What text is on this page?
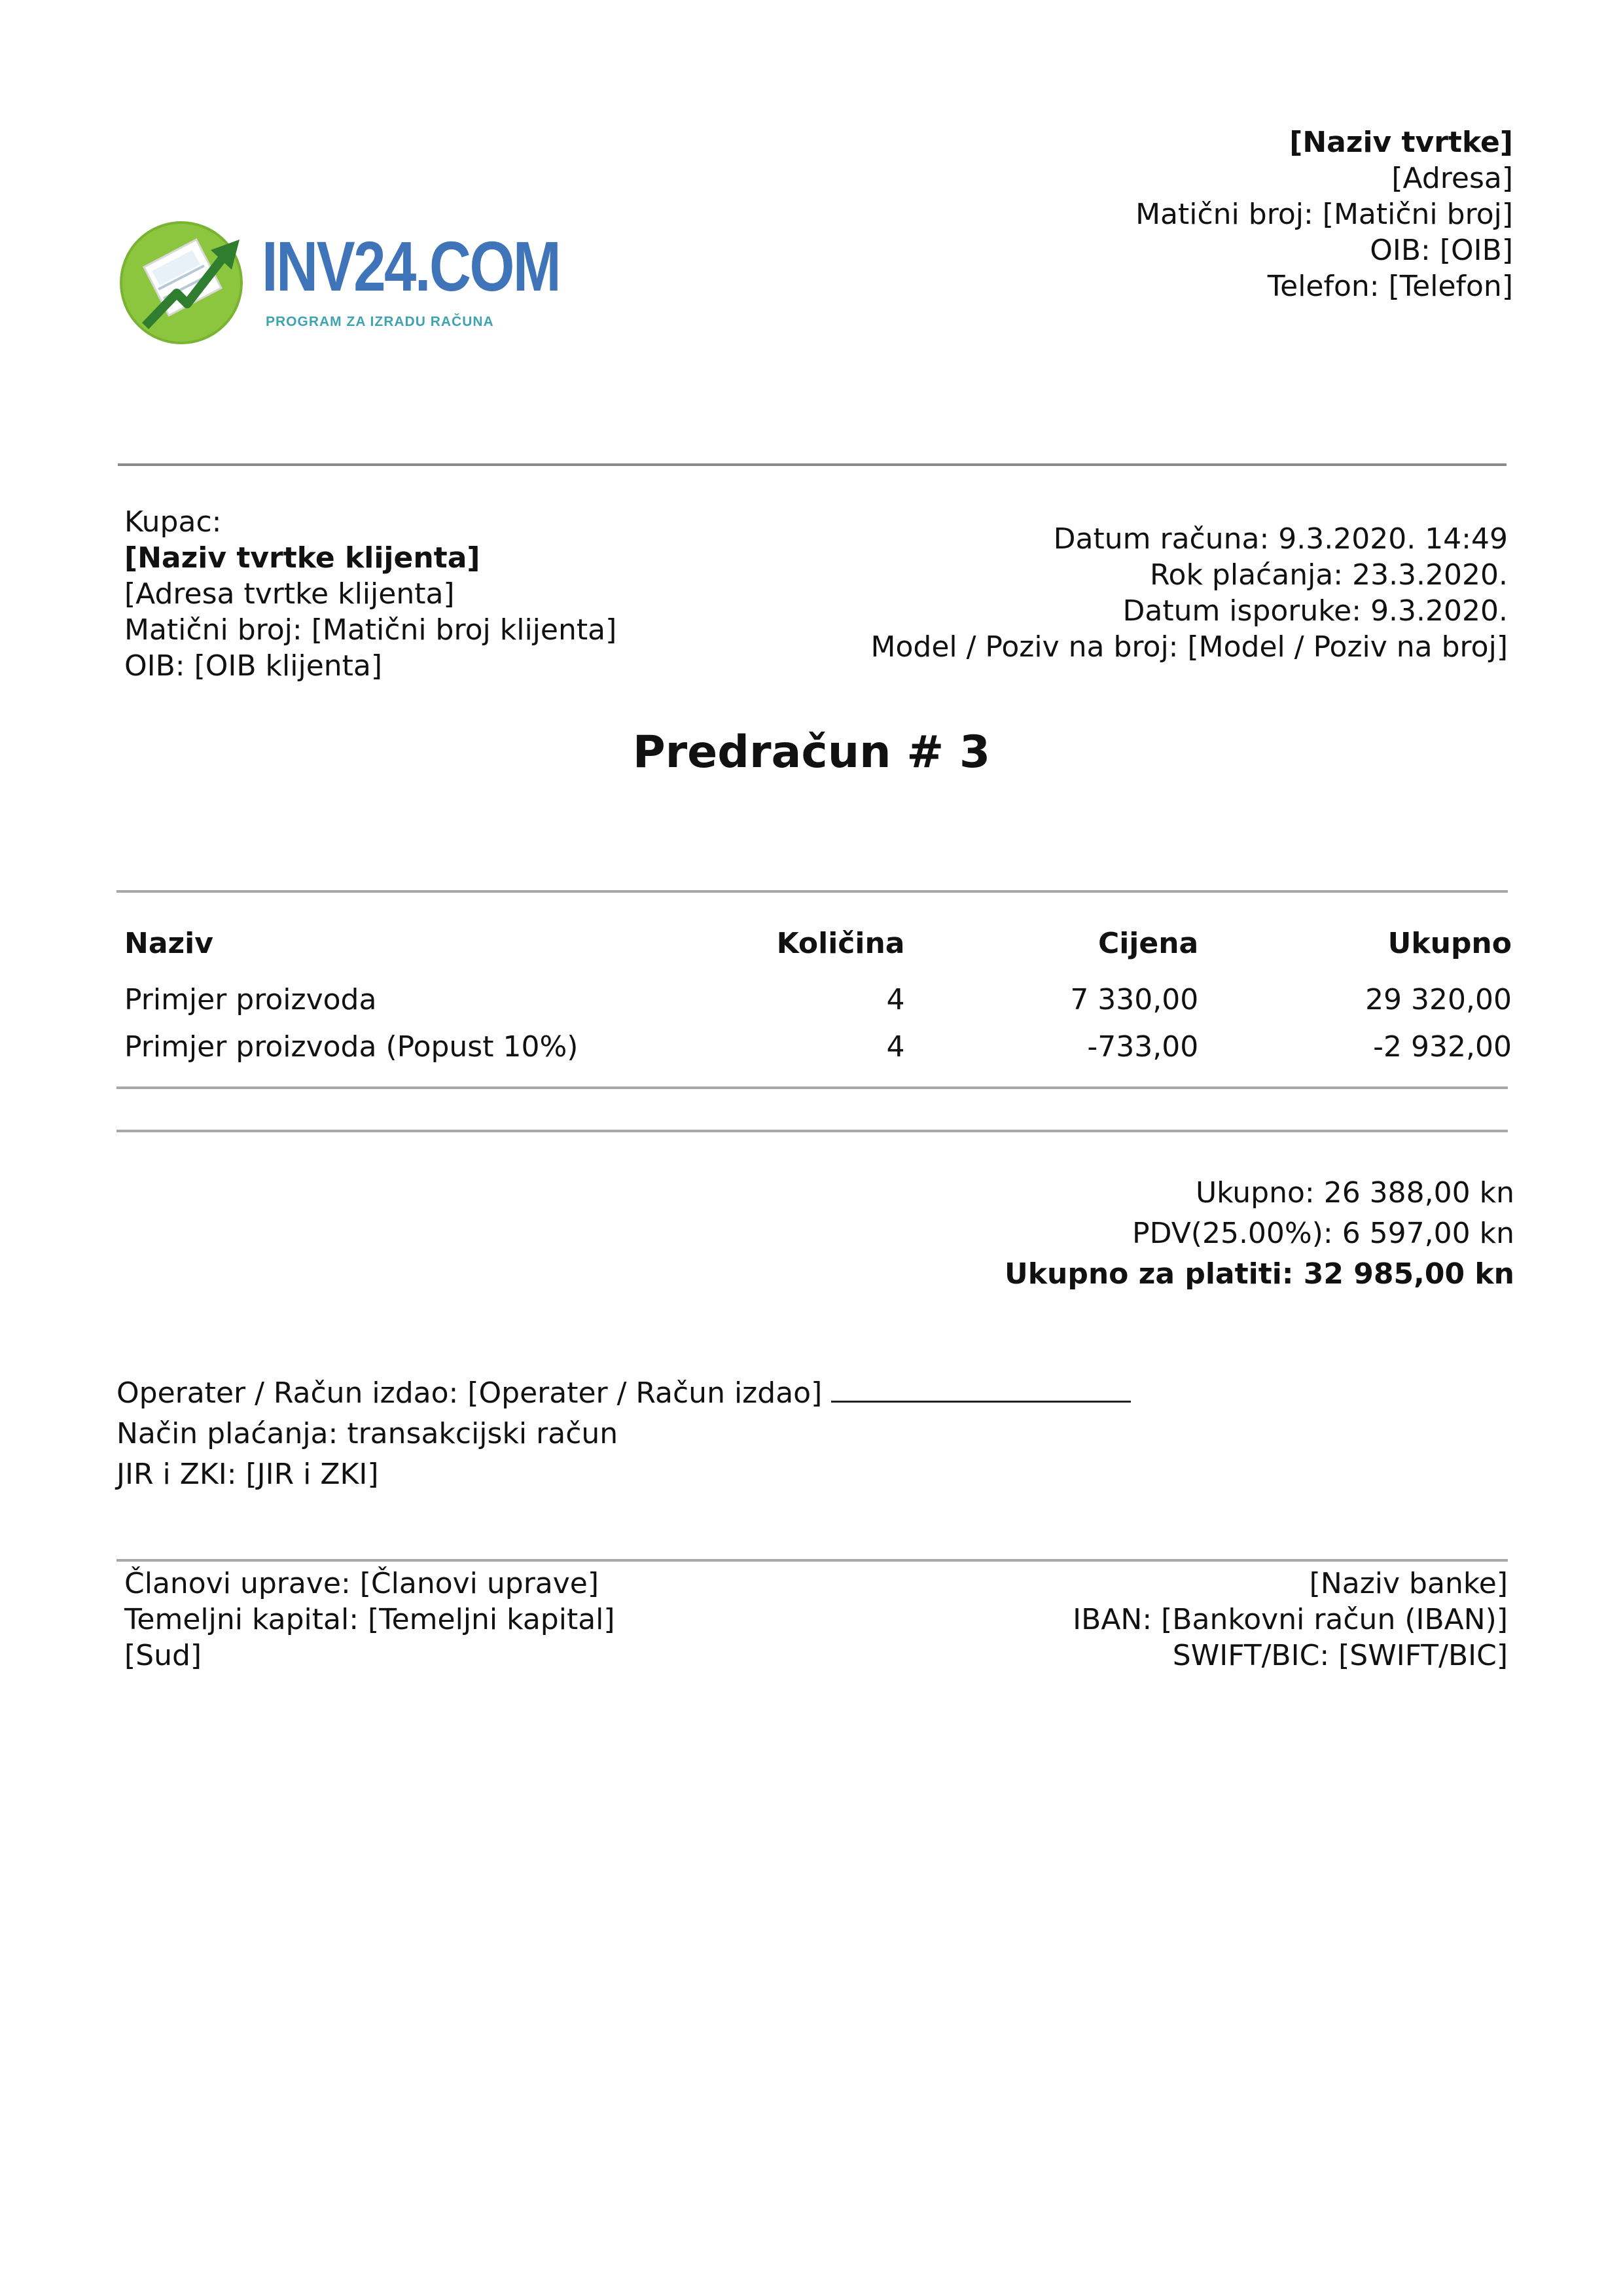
INV24.COM
PROGRAM ZA IZRADU RAČUNA
[Naziv tvrtke]
[Adresa]
Matični broj: [Matični broj]
OIB: [OIB]
Telefon: [Telefon]
Kupac:
[Naziv tvrtke klijenta]
[Adresa tvrtke klijenta]
Matični broj: [Matični broj klijenta]
OIB: [OIB klijenta]
Datum računa: 9.3.2020. 14:49
Rok plaćanja: 23.3.2020.
Datum isporuke: 9.3.2020.
Model / Poziv na broj: [Model / Poziv na broj]
Predračun # 3
Naziv	Količina	Cijena	Ukupno
Primjer proizvoda	4	7 330,00	29 320,00
Primjer proizvoda (Popust 10%)	4	-733,00	-2 932,00
Ukupno: 26 388,00 kn
PDV(25.00%): 6 597,00 kn
Ukupno za platiti: 32 985,00 kn
Operater / Račun izdao: [Operater / Račun izdao]
Način plaćanja: transakcijski račun
JIR i ZKI: [JIR i ZKI]
Članovi uprave: [Članovi uprave]
Temeljni kapital: [Temeljni kapital]
[Sud]
[Naziv banke]
IBAN: [Bankovni račun (IBAN)]
SWIFT/BIC: [SWIFT/BIC]
